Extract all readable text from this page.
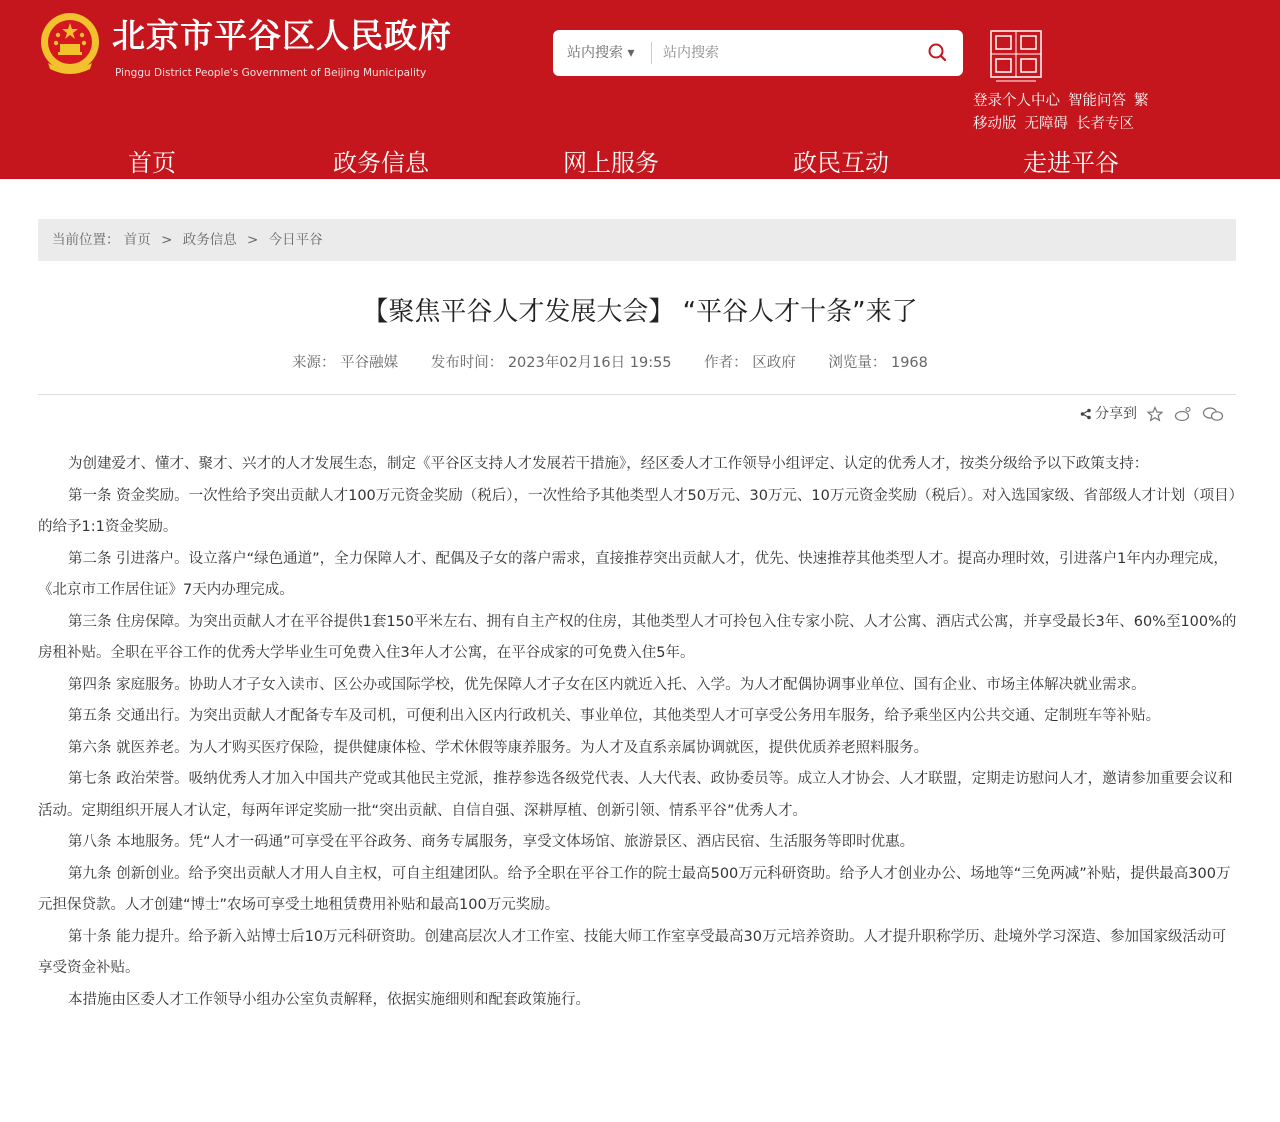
北京市平谷区人民政府
Pinggu District People's Government of Beijing Municipality
站内搜索 ▾
站内搜索
登录个人中心 智能问答 繁
移动版 无障碍 长者专区
首页	政务信息	网上服务	政民互动	走进平谷
当前位置： 首页 > 政务信息 > 今日平谷
【聚焦平谷人才发展大会】 “平谷人才十条”来了
来源： 平谷融媒 发布时间： 2023年02月16日 19:55 作者： 区政府 浏览量： 1968
分享到

为创建爱才、懂才、聚才、兴才的人才发展生态，制定《平谷区支持人才发展若干措施》，经区委人才工作领导小组评定、认定的优秀人才，按类分级给予以下政策支持：

第一条 资金奖励。一次性给予突出贡献人才100万元资金奖励（税后），一次性给予其他类型人才50万元、30万元、10万元资金奖励（税后）。对入选国家级、省部级人才计划（项目）的给予1:1资金奖励。

第二条 引进落户。设立落户“绿色通道”，全力保障人才、配偶及子女的落户需求，直接推荐突出贡献人才，优先、快速推荐其他类型人才。提高办理时效，引进落户1年内办理完成，《北京市工作居住证》7天内办理完成。

第三条 住房保障。为突出贡献人才在平谷提供1套150平米左右、拥有自主产权的住房，其他类型人才可拎包入住专家小院、人才公寓、酒店式公寓，并享受最长3年、60%至100%的房租补贴。全职在平谷工作的优秀大学毕业生可免费入住3年人才公寓，在平谷成家的可免费入住5年。

第四条 家庭服务。协助人才子女入读市、区公办或国际学校，优先保障人才子女在区内就近入托、入学。为人才配偶协调事业单位、国有企业、市场主体解决就业需求。

第五条 交通出行。为突出贡献人才配备专车及司机，可便利出入区内行政机关、事业单位，其他类型人才可享受公务用车服务，给予乘坐区内公共交通、定制班车等补贴。

第六条 就医养老。为人才购买医疗保险，提供健康体检、学术休假等康养服务。为人才及直系亲属协调就医，提供优质养老照料服务。

第七条 政治荣誉。吸纳优秀人才加入中国共产党或其他民主党派，推荐参选各级党代表、人大代表、政协委员等。成立人才协会、人才联盟，定期走访慰问人才，邀请参加重要会议和活动。定期组织开展人才认定，每两年评定奖励一批“突出贡献、自信自强、深耕厚植、创新引领、情系平谷”优秀人才。

第八条 本地服务。凭“人才一码通”可享受在平谷政务、商务专属服务，享受文体场馆、旅游景区、酒店民宿、生活服务等即时优惠。

第九条 创新创业。给予突出贡献人才用人自主权，可自主组建团队。给予全职在平谷工作的院士最高500万元科研资助。给予人才创业办公、场地等“三免两减”补贴，提供最高300万元担保贷款。人才创建“博士”农场可享受土地租赁费用补贴和最高100万元奖励。

第十条 能力提升。给予新入站博士后10万元科研资助。创建高层次人才工作室、技能大师工作室享受最高30万元培养资助。人才提升职称学历、赴境外学习深造、参加国家级活动可享受资金补贴。

本措施由区委人才工作领导小组办公室负责解释，依据实施细则和配套政策施行。
